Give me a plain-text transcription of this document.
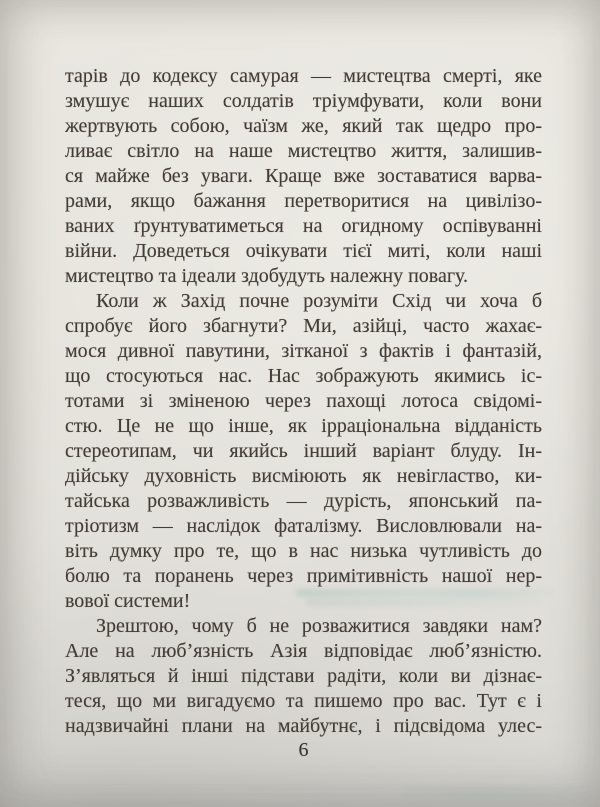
тарів до кодексу самурая — мистецтва смерті, яке
змушує наших солдатів тріумфувати, коли вони
жертвують собою, чаїзм же, який так щедро про-
ливає світло на наше мистецтво життя, залишив-
ся майже без уваги. Краще вже зоставатися варва-
рами, якщо бажання перетворитися на цивілізо-
ваних ґрунтуватиметься на огидному оспівуванні
війни. Доведеться очікувати тієї миті, коли наші
мистецтво та ідеали здобудуть належну повагу.
Коли ж Захід почне розуміти Схід чи хоча б
спробує його збагнути? Ми, азійці, часто жахає-
мося дивної павутини, зітканої з фактів і фантазій,
що стосуються нас. Нас зображують якимись іс-
тотами зі зміненою через пахощі лотоса свідомі-
стю. Це не що інше, як ірраціональна відданість
стереотипам, чи якийсь інший варіант блуду. Ін-
дійську духовність висміюють як невігластво, ки-
тайська розважливість — дурість, японський па-
тріотизм — наслідок фаталізму. Висловлювали на-
віть думку про те, що в нас низька чутливість до
болю та поранень через примітивність нашої нер-
вової системи!
Зрештою, чому б не розважитися завдяки нам?
Але на люб’язність Азія відповідає люб’язністю.
З’являться й інші підстави радіти, коли ви дізнає-
теся, що ми вигадуємо та пишемо про вас. Тут є і
надзвичайні плани на майбутнє, і підсвідома улес-
6
